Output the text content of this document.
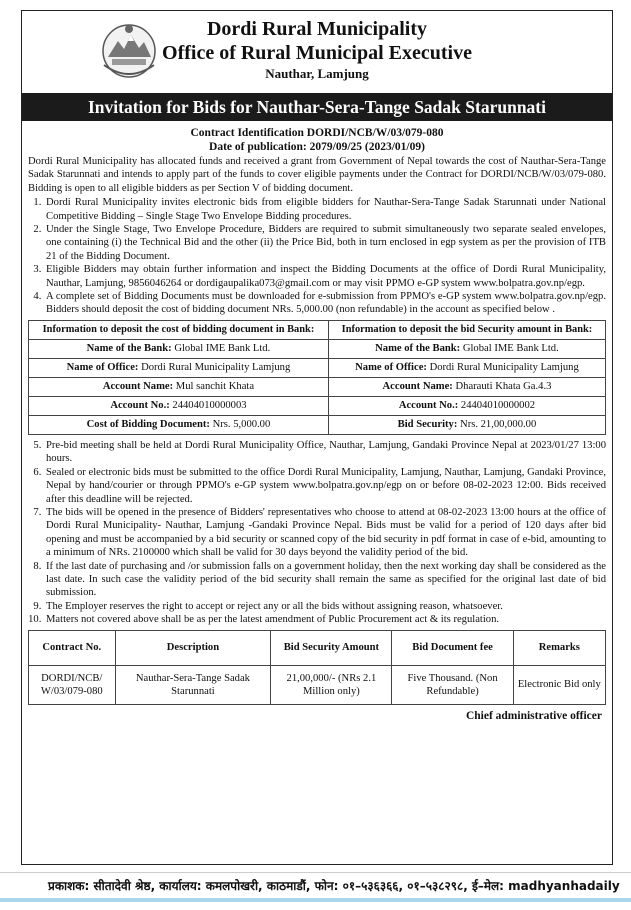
Dordi Rural Municipality
Office of Rural Municipal Executive
Nauthar, Lamjung
Invitation for Bids for Nauthar-Sera-Tange Sadak Starunnati
Contract Identification DORDI/NCB/W/03/079-080
Date of publication: 2079/09/25 (2023/01/09)
Dordi Rural Municipality has allocated funds and received a grant from Government of Nepal towards the cost of Nauthar-Sera-Tange Sadak Starunnati and intends to apply part of the funds to cover eligible payments under the Contract for DORDI/NCB/W/03/079-080. Bidding is open to all eligible bidders as per Section V of bidding document.
1. Dordi Rural Municipality invites electronic bids from eligible bidders for Nauthar-Sera-Tange Sadak Starunnati under National Competitive Bidding – Single Stage Two Envelope Bidding procedures.
2. Under the Single Stage, Two Envelope Procedure, Bidders are required to submit simultaneously two separate sealed envelopes, one containing (i) the Technical Bid and the other (ii) the Price Bid, both in turn enclosed in egp system as per the provision of ITB 21 of the Bidding Document.
3. Eligible Bidders may obtain further information and inspect the Bidding Documents at the office of Dordi Rural Municipality, Nauthar, Lamjung, 9856046264 or dordigaupalika073@gmail.com or may visit PPMO e-GP system www.bolpatra.gov.np/egp.
4. A complete set of Bidding Documents must be downloaded for e-submission from PPMO's e-GP system www.bolpatra.gov.np/egp. Bidders should deposit the cost of bidding document NRs. 5,000.00 (non refundable) in the account as specified below .
Information to deposit the cost of bidding document in Bank:	Information to deposit the bid Security amount in Bank:
Name of the Bank: Global IME Bank Ltd.	Name of the Bank: Global IME Bank Ltd.
Name of Office: Dordi Rural Municipality Lamjung	Name of Office: Dordi Rural Municipality Lamjung
Account Name: Mul sanchit Khata	Account Name: Dharauti Khata Ga.4.3
Account No.: 24404010000003	Account No.: 24404010000002
Cost of Bidding Document: Nrs. 5,000.00	Bid Security: Nrs. 21,00,000.00
5. Pre-bid meeting shall be held at Dordi Rural Municipality Office, Nauthar, Lamjung, Gandaki Province Nepal at 2023/01/27 13:00 hours.
6. Sealed or electronic bids must be submitted to the office Dordi Rural Municipality, Lamjung, Nauthar, Lamjung, Gandaki Province, Nepal by hand/courier or through PPMO's e-GP system www.bolpatra.gov.np/egp on or before 08-02-2023 12:00. Bids received after this deadline will be rejected.
7. The bids will be opened in the presence of Bidders' representatives who choose to attend at 08-02-2023 13:00 hours at the office of Dordi Rural Municipality- Nauthar, Lamjung -Gandaki Province Nepal. Bids must be valid for a period of 120 days after bid opening and must be accompanied by a bid security or scanned copy of the bid security in pdf format in case of e-bid, amounting to a minimum of NRs. 2100000 which shall be valid for 30 days beyond the validity period of the bid.
8. If the last date of purchasing and /or submission falls on a government holiday, then the next working day shall be considered as the last date. In such case the validity period of the bid security shall remain the same as specified for the original last date of bid submission.
9. The Employer reserves the right to accept or reject any or all the bids without assigning reason, whatsoever.
10. Matters not covered above shall be as per the latest amendment of Public Procurement act & its regulation.
Contract No.	Description	Bid Security Amount	Bid Document fee	Remarks
DORDI/NCB/ W/03/079-080	Nauthar-Sera-Tange Sadak Starunnati	21,00,000/- (NRs 2.1 Million only)	Five Thousand. (Non Refundable)	Electronic Bid only
Chief administrative officer
प्रकाशक: सीतादेवी श्रेष्ठ, कार्यालय: कमलपोखरी, काठमाडौं, फोन: ०१–५३६३६६, ०१–५३८२९८, ई–मेल: madhyanhadaily
